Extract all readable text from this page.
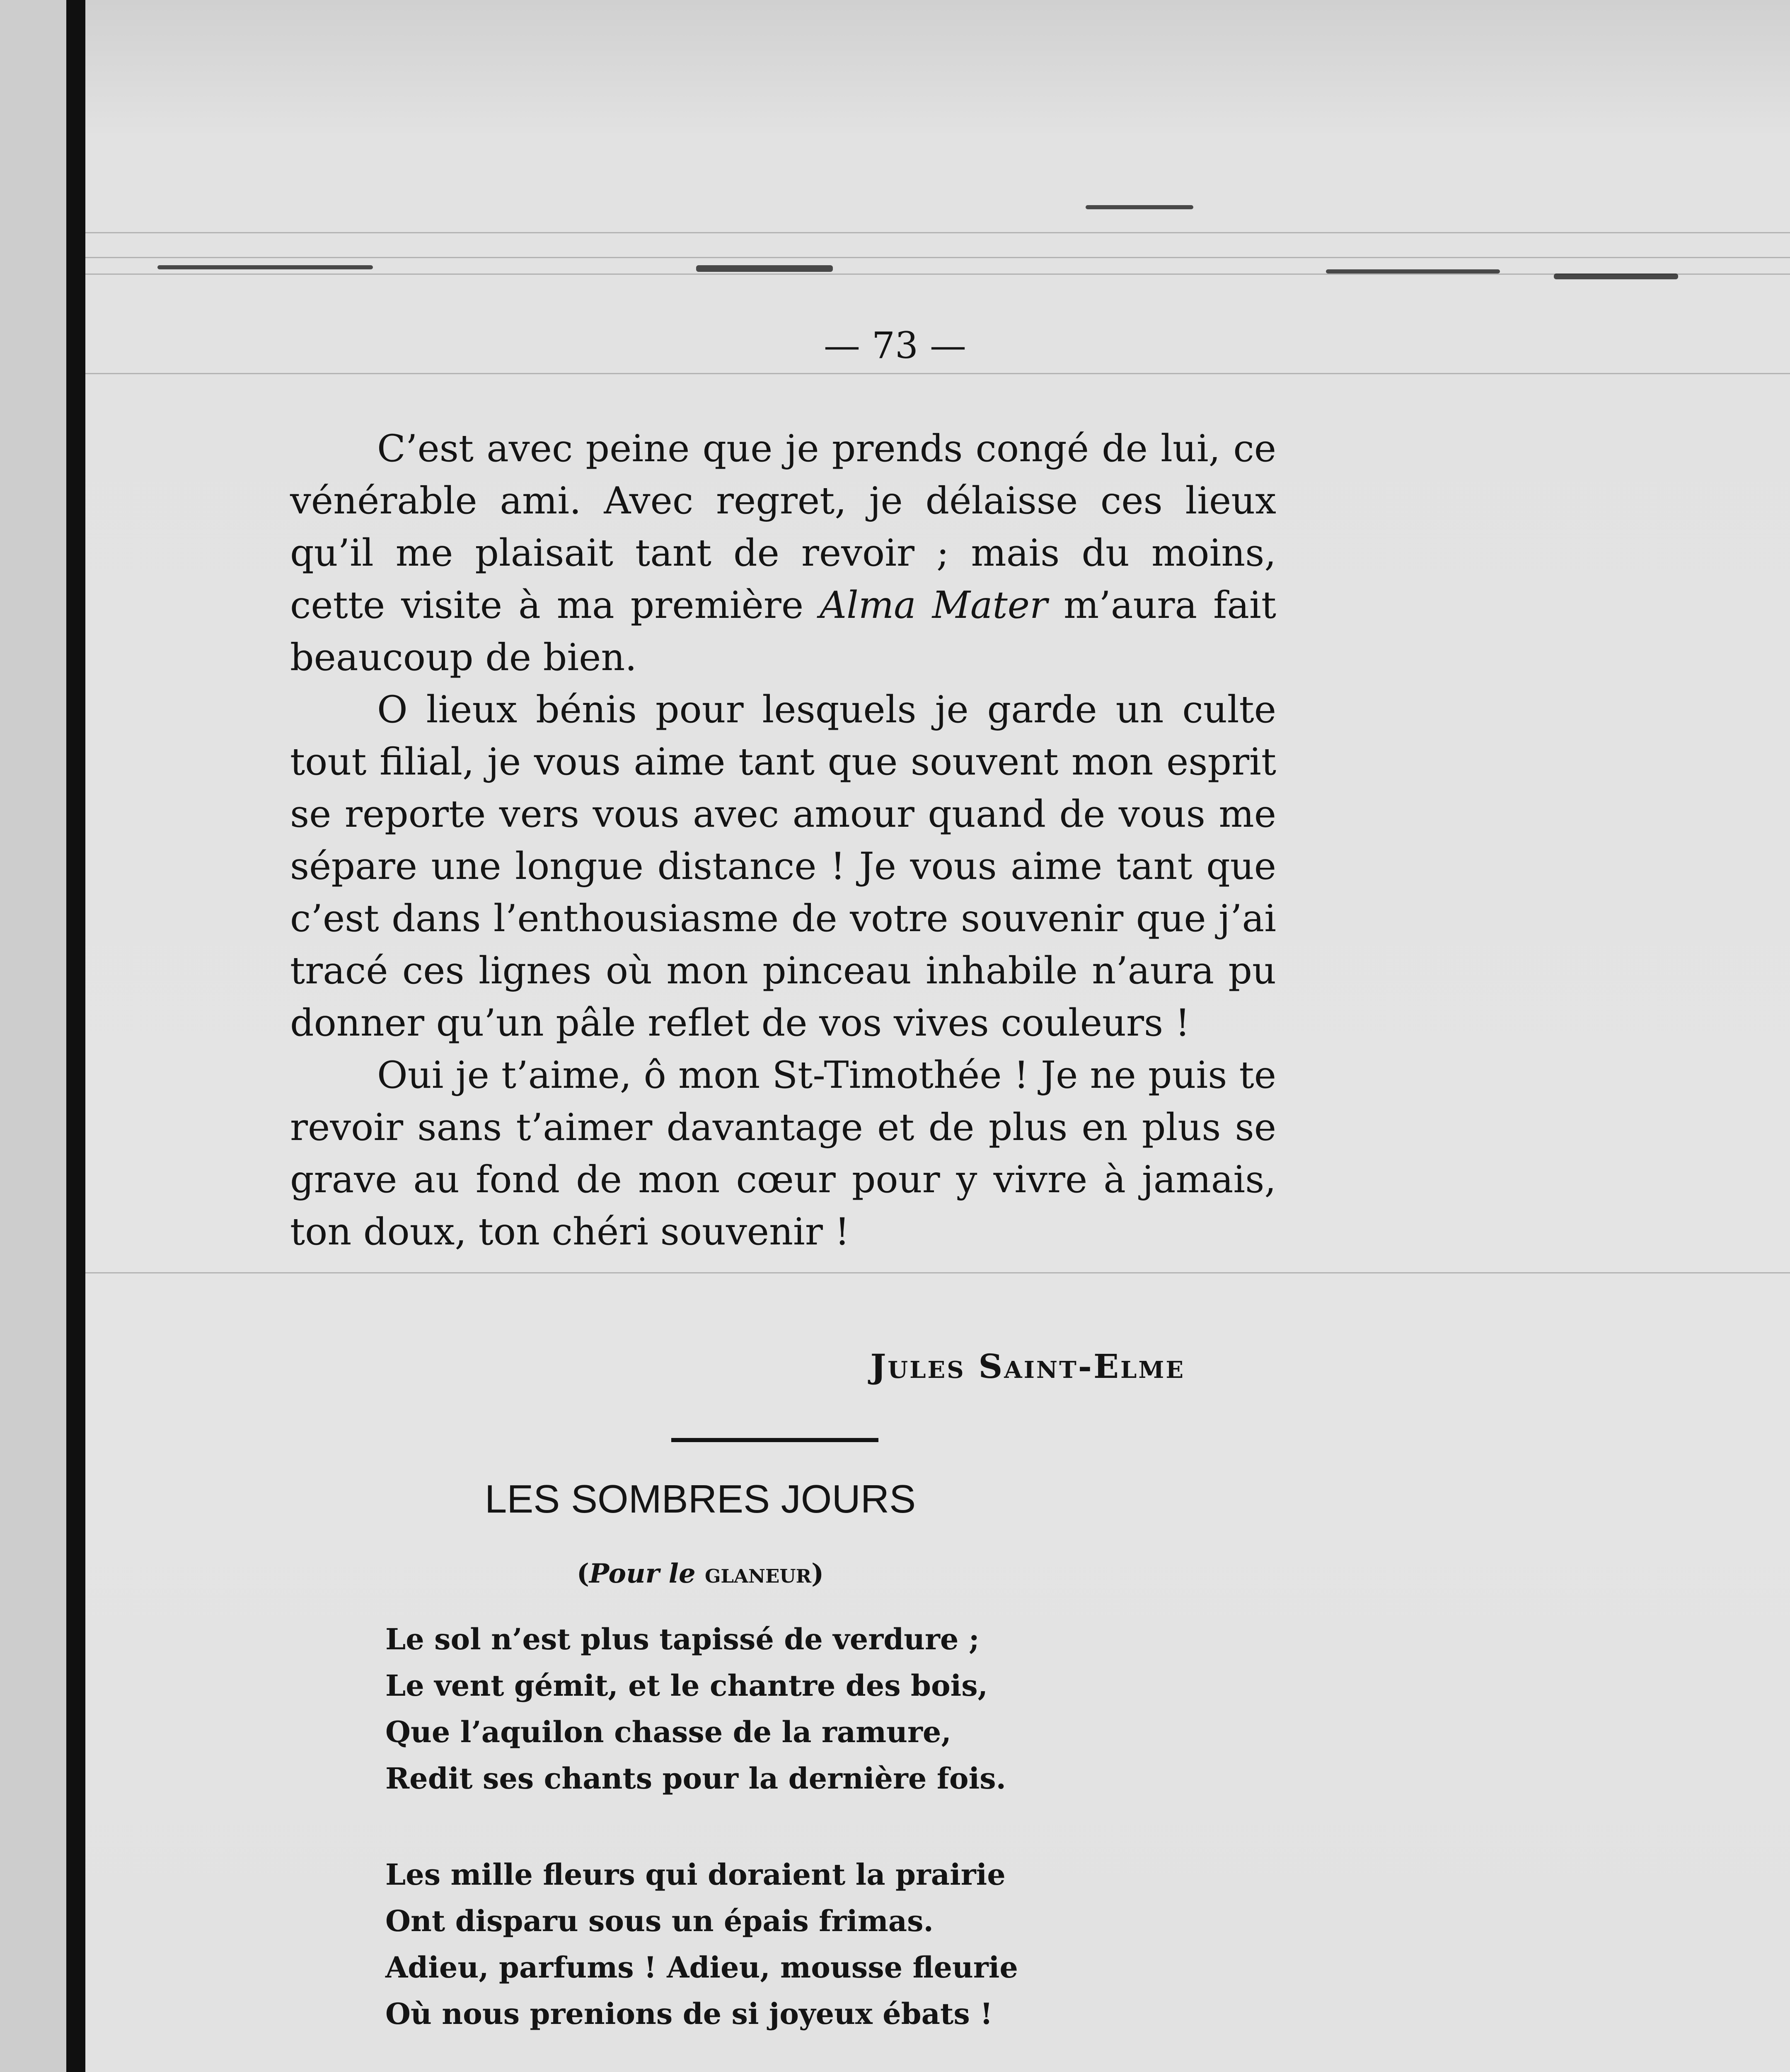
— 73 —

C’est avec peine que je prends congé de lui, ce vénérable ami. Avec regret, je délaisse ces lieux qu’il me plaisait tant de revoir ; mais du moins, cette visite à ma première Alma Mater m’aura fait beaucoup de bien.

O lieux bénis pour lesquels je garde un culte tout filial, je vous aime tant que souvent mon esprit se reporte vers vous avec amour quand de vous me sépare une longue distance ! Je vous aime tant que c’est dans l’enthousiasme de votre souvenir que j’ai tracé ces lignes où mon pinceau inhabile n’aura pu donner qu’un pâle reflet de vos vives couleurs !

Oui je t’aime, ô mon St-Timothée ! Je ne puis te revoir sans t’aimer davantage et de plus en plus se grave au fond de mon cœur pour y vivre à jamais, ton doux, ton chéri souvenir !

Jules Saint-Elme
LES SOMBRES JOURS
(Pour le glaneur)
Le sol n’est plus tapissé de verdure ;
Le vent gémit, et le chantre des bois,
Que l’aquilon chasse de la ramure,
Redit ses chants pour la dernière fois.
Les mille fleurs qui doraient la prairie
Ont disparu sous un épais frimas.
Adieu, parfums ! Adieu, mousse fleurie
Où nous prenions de si joyeux ébats !
